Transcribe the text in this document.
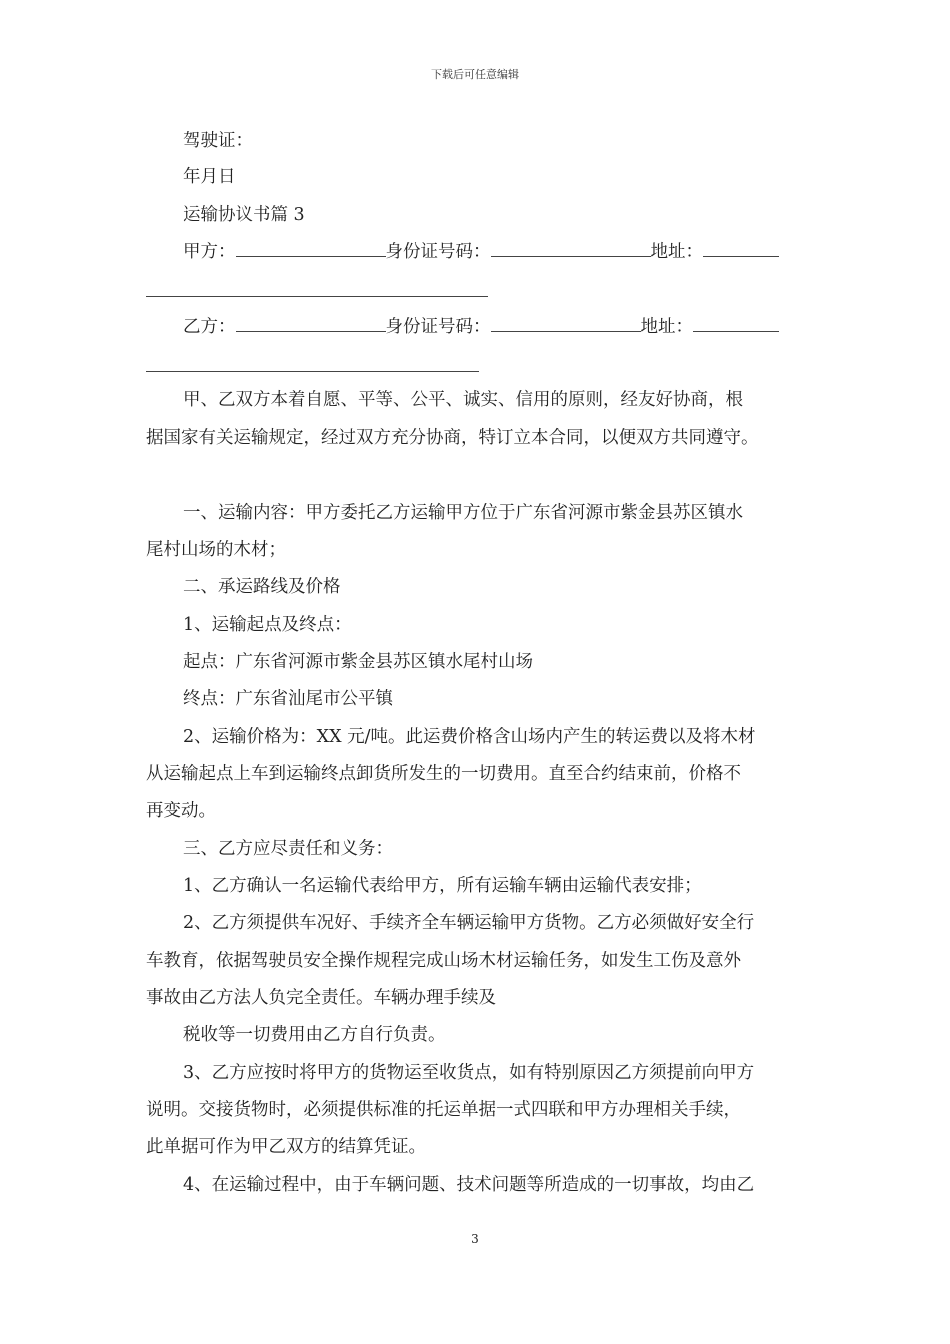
下载后可任意编辑
驾驶证：
年月日
运输协议书篇 3
甲方：	身份证号码：	地址：
乙方：	身份证号码：	地址：
甲、乙双方本着自愿、平等、公平、诚实、信用的原则，经友好协商，根
据国家有关运输规定，经过双方充分协商，特订立本合同，以便双方共同遵守。
一、运输内容：甲方委托乙方运输甲方位于广东省河源市紫金县苏区镇水
尾村山场的木材；
二、承运路线及价格
1、运输起点及终点：
起点：广东省河源市紫金县苏区镇水尾村山场
终点：广东省汕尾市公平镇
2、运输价格为：XX 元/吨。此运费价格含山场内产生的转运费以及将木材
从运输起点上车到运输终点卸货所发生的一切费用。直至合约结束前，价格不
再变动。
三、乙方应尽责任和义务：
1、乙方确认一名运输代表给甲方，所有运输车辆由运输代表安排；
2、乙方须提供车况好、手续齐全车辆运输甲方货物。乙方必须做好安全行
车教育，依据驾驶员安全操作规程完成山场木材运输任务，如发生工伤及意外
事故由乙方法人负完全责任。车辆办理手续及
税收等一切费用由乙方自行负责。
3、乙方应按时将甲方的货物运至收货点，如有特别原因乙方须提前向甲方
说明。交接货物时，必须提供标准的托运单据一式四联和甲方办理相关手续，
此单据可作为甲乙双方的结算凭证。
4、在运输过程中，由于车辆问题、技术问题等所造成的一切事故，均由乙
3
